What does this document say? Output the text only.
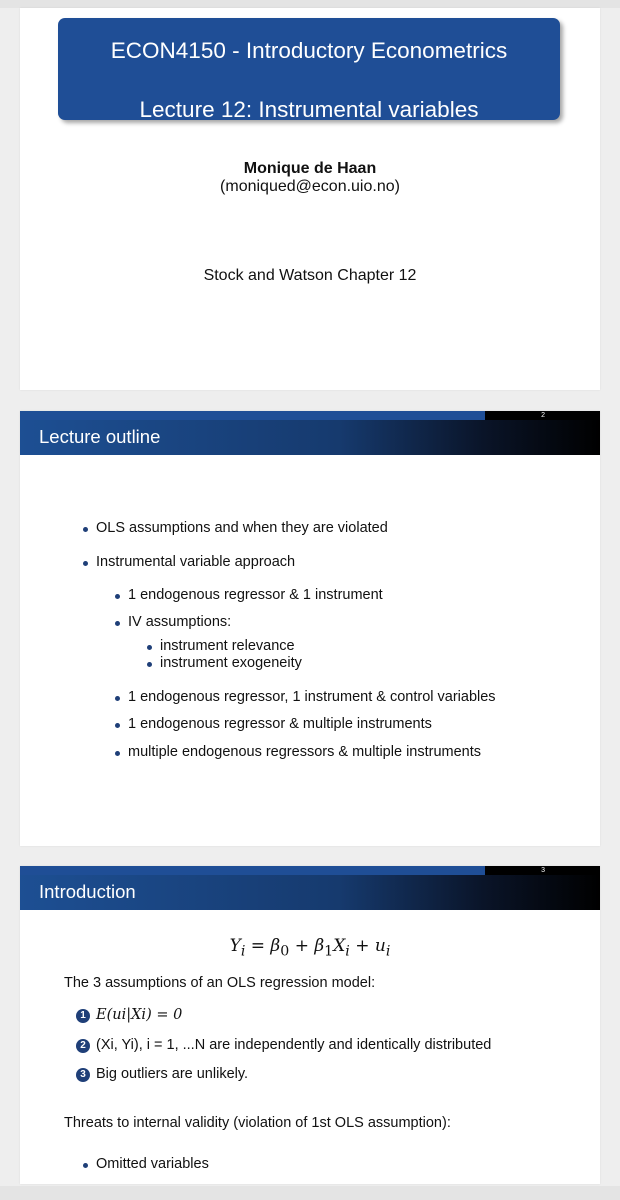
ECON4150 - Introductory Econometrics
Lecture 12: Instrumental variables
Monique de Haan
(moniqued@econ.uio.no)
Stock and Watson Chapter 12
2
Lecture outline
OLS assumptions and when they are violated
Instrumental variable approach
1 endogenous regressor & 1 instrument
IV assumptions:
instrument relevance
instrument exogeneity
1 endogenous regressor, 1 instrument & control variables
1 endogenous regressor & multiple instruments
multiple endogenous regressors & multiple instruments
3
Introduction
$Y_i = \beta_0 + \beta_1X_i + u_i$
The 3 assumptions of an OLS regression model:
1 E(ui|Xi) = 0
2 (Xi, Yi), i = 1, ...N are independently and identically distributed
3 Big outliers are unlikely.
Threats to internal validity (violation of 1st OLS assumption):
Omitted variables
